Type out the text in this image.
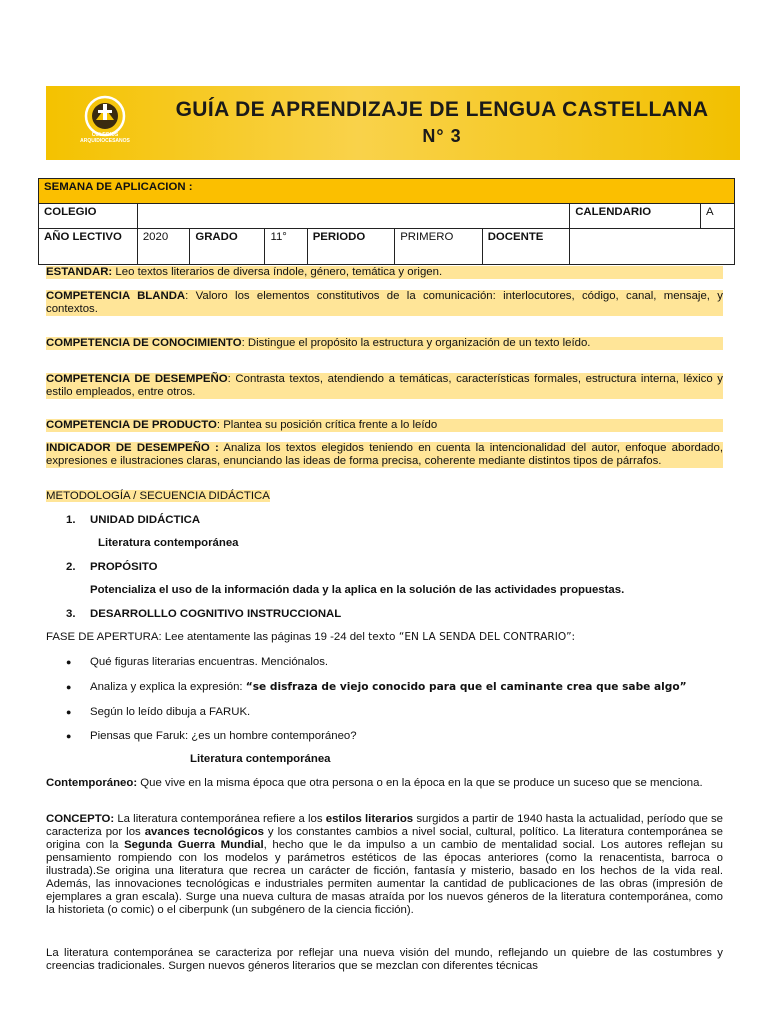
COLEGIOS ARQUIDIOCESANOS
GUÍA DE APRENDIZAJE DE LENGUA CASTELLANA
N° 3
SEMANA DE APLICACION :								
COLEGIO							CALENDARIO	A
AÑO LECTIVO	2020	GRADO	11°	PERIODO	PRIMERO	DOCENTE		
ESTANDAR: Leo textos literarios de diversa índole, género, temática y origen.
COMPETENCIA BLANDA: Valoro los elementos constitutivos de la comunicación: interlocutores, código, canal, mensaje, y contextos.
COMPETENCIA DE CONOCIMIENTO: Distingue el propósito la estructura y organización de un texto leído.
COMPETENCIA DE DESEMPEÑO: Contrasta textos, atendiendo a temáticas, características formales, estructura interna, léxico y estilo empleados, entre otros.
COMPETENCIA DE PRODUCTO: Plantea su posición crítica frente a lo leído
INDICADOR DE DESEMPEÑO : Analiza los textos elegidos teniendo en cuenta la intencionalidad del autor, enfoque abordado, expresiones e ilustraciones claras, enunciando las ideas de forma precisa, coherente mediante distintos tipos de párrafos.
METODOLOGÍA / SECUENCIA DIDÁCTICA
1. UNIDAD DIDÁCTICA
Literatura contemporánea
2. PROPÓSITO
Potencializa el uso de la información dada y la aplica en la solución de las actividades propuestas.
3. DESARROLLLO COGNITIVO INSTRUCCIONAL
FASE DE APERTURA: Lee atentamente las páginas 19 -24 del texto “EN LA SENDA DEL CONTRARIO”:
● Qué figuras literarias encuentras. Menciónalos.
● Analiza y explica la expresión: “se disfraza de viejo conocido para que el caminante crea que sabe algo”
● Según lo leído dibuja a FARUK.
● Piensas que Faruk: ¿es un hombre contemporáneo?
Literatura contemporánea
Contemporáneo: Que vive en la misma época que otra persona o en la época en la que se produce un suceso que se menciona.
CONCEPTO: La literatura contemporánea refiere a los estilos literarios surgidos a partir de 1940 hasta la actualidad, período que se caracteriza por los avances tecnológicos y los constantes cambios a nivel social, cultural, político. La literatura contemporánea se origina con la Segunda Guerra Mundial, hecho que le da impulso a un cambio de mentalidad social. Los autores reflejan su pensamiento rompiendo con los modelos y parámetros estéticos de las épocas anteriores (como la renacentista, barroca o ilustrada).Se origina una literatura que recrea un carácter de ficción, fantasía y misterio, basado en los hechos de la vida real. Además, las innovaciones tecnológicas e industriales permiten aumentar la cantidad de publicaciones de las obras (impresión de ejemplares a gran escala). Surge una nueva cultura de masas atraída por los nuevos géneros de la literatura contemporánea, como la historieta (o comic) o el ciberpunk (un subgénero de la ciencia ficción).
La literatura contemporánea se caracteriza por reflejar una nueva visión del mundo, reflejando un quiebre de las costumbres y creencias tradicionales. Surgen nuevos géneros literarios que se mezclan con diferentes técnicas
